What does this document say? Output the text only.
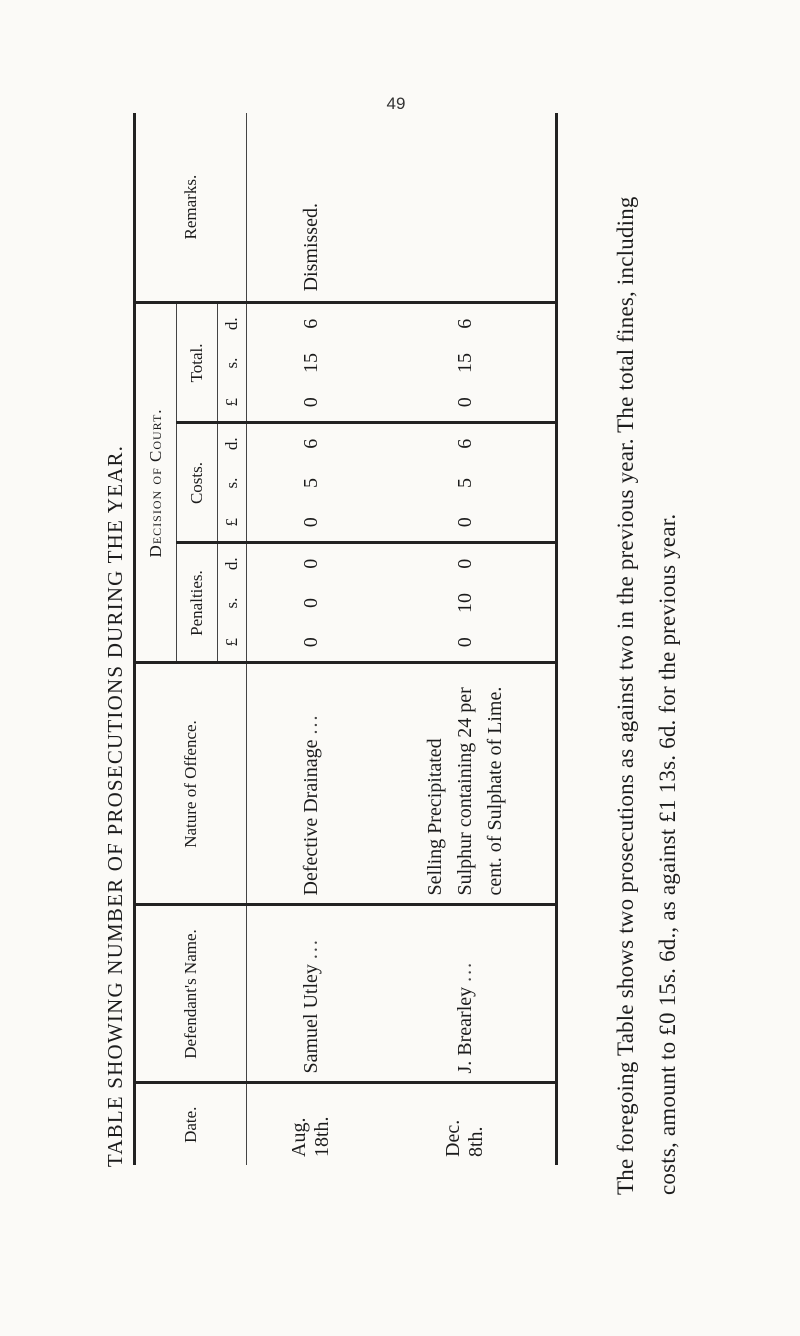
49
TABLE SHOWING NUMBER OF PROSECUTIONS DURING THE YEAR.	Date.	Defendant's Name.	Nature of Offence.	Decision of Court.									Remarks.
			Penalties.			Costs.			Total.			
			£	s.	d.	£	s.	d.	£	s.	d.	
Aug. 18th.	Samuel Utley ...	Defective Drainage ...	0	0	0	0	5	6	0	15	6	Dismissed.
Dec. 8th.	J. Brearley ...	Selling Precipitated Sulphur containing 24 per cent. of Sulphate of Lime.	0	10	0	0	5	6	0	15	6		The foregoing Table shows two prosecutions as against two in the previous year. The total fines, including costs, amount to £0 15s. 6d., as against £1 13s. 6d. for the previous year.
